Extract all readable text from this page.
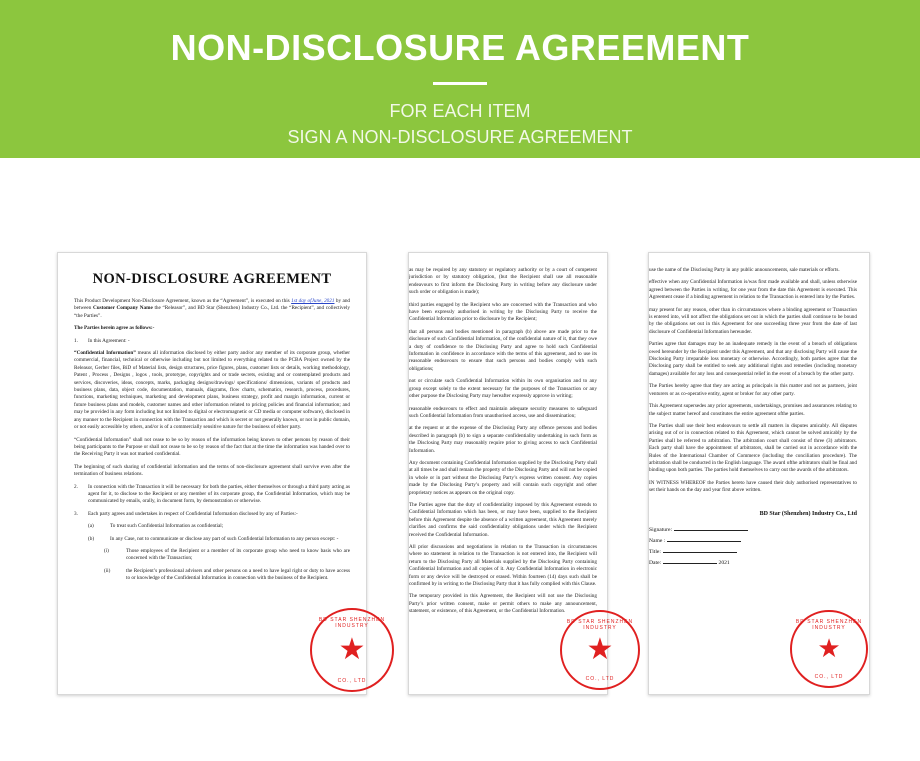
NON-DISCLOSURE AGREEMENT
FOR EACH ITEM
SIGN A NON-DISCLOSURE AGREEMENT
NON-DISCLOSURE AGREEMENT

This Product Development Non-Disclosure Agreement, known as the “Agreement”, is executed on this 1st day ofJune, 2021 by and between Customer Company Name the “Releasor”, and BD Star (Shenzhen) Industry Co., Ltd. the “Recipient”, and collectively “the Parties”.

The Parties herein agree as follows:-

1.	In this Agreement: -

“Confidential Information” means all information disclosed by either party and/or any member of its corporate group, whether commercial, financial, technical or otherwise including but not limited to everything related to the PCBA Project owned by the Releasor, Gerber files, BiD of Material lists, design structures, price figures, plans, customer lists or details, working methodology, Patent , Process , Designs , logos , tools, prototype, copyrights and or trade secrets, existing and or contemplated products and services, discoveries, ideas, concepts, marks, packaging designs/drawings/ specifications/ dimensions, variants of products and business plans, data, object code, documentation, manuals, diagrams, flow charts, schematics, research, process, procedures, functions, marketing techniques, marketing and development plans, business strategy, profit and margin information, current or future business plans and models, customer names and other information related to pricing policies and financial information; and may be provided in any form including but not limited to digital or electromagnetic or CD media or computer software), disclosed in any manner to the Recipient in connection with the Transaction and which is secret or not generally known, or not in public domain, or not easily accessible by others, and/or is of a commercially sensitive nature for the business of either party.

“Confidential Information” shall not cease to be so by reason of the information being known to other persons by reason of their being participants to the Purpose or shall not cease to be so by reason of the fact that at the time the information was handed over to the Receiving Party it was not marked confidential.

The beginning of such sharing of confidential information and the terms of non-disclosure agreement shall survive even after the termination of business relations.

2.	In connection with the Transaction it will be necessary for both the parties, either themselves or through a third party acting as agent for it, to disclose to the Recipient or any member of its corporate group, the Confidential Information, which may be communicated by emails, orally, in document form, by demonstration or otherwise.
3.	Each party agrees and undertakes in respect of Confidential Information disclosed by any of Parties:-
(a)	To treat such Confidential Information as confidential;
(b)	In any Case, not to communicate or disclose any part of such Confidential Information to any person except: -
(i)	Those employees of the Recipient or a member of its corporate group who need to know basis who are concerned with the Transaction;
(ii)	the Recipient’s professional advisers and other persons on a need to have legal right or duty to have access to or knowledge of the Confidential Information in connection with the business of the Recipient.

as may be required by any statutory or regulatory authority or by a court of competent jurisdiction or by statutory obligation, (but the Recipient shall use all reasonable endeavours to first inform the Disclosing Party in writing before any disclosure under such order or obligation is made);

third parties engaged by the Recipient who are concerned with the Transaction and who have been expressly authorised in writing by the Disclosing Party to receive the Confidential Information prior to disclosure by the Recipient;

that all persons and bodies mentioned in paragraph (b) above are made prior to the disclosure of such Confidential Information, of the confidential nature of it, that they owe a duty of confidence to the Disclosing Party and agree to hold such Confidential Information in confidence in accordance with the terms of this agreement, and to use its reasonable endeavours to ensure that such persons and bodies comply with such obligations;

not or circulate such Confidential Information within its own organisation and to any group except solely to the extent necessary for the purposes of the Transaction or any other purpose the Disclosing Party may hereafter expressly approve in writing;

reasonable endeavours to effect and maintain adequate security measures to safeguard such Confidential Information from unauthorised access, use and dissemination;

at the request or at the expense of the Disclosing Party any offence persons and bodies described in paragraph (b) to sign a separate confidentiality undertaking in such form as the Disclosing Party may reasonably require prior to giving access to such Confidential Information.

Any document containing Confidential Information supplied by the Disclosing Party shall at all times be and shall remain the property of the Disclosing Party and will not be copied in whole or in part without the Disclosing Party’s express written consent. Any copies made by the Disclosing Party’s property and will contain such copyright and other proprietary notices as appears on the original copy.

The Parties agree that the duty of confidentiality imposed by this Agreement extends to Confidential Information which has been, or may have been, supplied to the Recipient before this Agreement despite the absence of a written agreement, this Agreement merely clarifies and confirms the said confidentiality obligations under which the Recipient received the Confidential Information.

All prior discussions and negotiations in relation to the Transaction in circumstances where no statement in relation to the Transaction is not entered into, the Recipient will return to the Disclosing Party all Materials supplied by the Disclosing Party containing Confidential Information and all copies of it. Any Confidential Information in electronic form or any device will be destroyed or erased. Within fourteen (14) days such shall be confirmed by in writing to the Disclosing Party that it has fully complied with this Clause.

The temporary provided in this Agreement, the Recipient will not use the Disclosing Party’s prior written consent, make or permit others to make any announcement, statement, or existence, of this Agreement, or the Confidential Information.

use the name of the Disclosing Party in any public announcements, sale materials or efforts.

effective when any Confidential Information is/was first made available and shall, unless otherwise agreed between the Parties in writing, for one year from the date this Agreement is executed. This Agreement cease if a binding agreement in relation to the Transaction is entered into by the Parties.

may present for any reason, other than in circumstances where a binding agreement or Transaction is entered into, will not affect the obligations set out in which the parties shall continue to be bound by the obligations set out in this Agreement for one succeeding three year from the date of last disclosure of Confidential Information hereunder.

Parties agree that damages may be an inadequate remedy in the event of a breach of obligations owed hereunder by the Recipient under this Agreement, and that any disclosing Party will cause the Disclosing Party irreparable loss monetary or otherwise. Accordingly, both parties agree that the Disclosing party shall be entitled to seek any additional rights and remedies (including monetary damages) available for any loss and consequential relief in the event of a breach by the other party.

The Parties hereby agree that they are acting as principals in this matter and not as partners, joint venturers or as co-operative entity, agent or broker for any other party.

This Agreement supersedes any prior agreements, undertakings, promises and assurances relating to the subject matter hereof and constitutes the entire agreement ofthe parties.

The Parties shall use their best endeavours to settle all matters in disputes amicably. All disputes arising out of or in connection related to this Agreement, which cannot be solved amicably by the Parties shall be referred to arbitration. The arbitration court shall consist of three (3) arbitrators. Each party shall have the appointment of arbitrators, shall be carried out in accordance with the Rules of the International Chamber of Commerce (including the conciliation procedure). The arbitration shall be conducted in the English language. The award ofthe arbitrators shall be final and binding upon both parties. The parties hold themselves to carry out the awards of the arbitrators.

IN WITNESS WHEREOF the Parties hereto have caused their duly authorised representatives to set their hands on the day and year first above written.

BD Star (Shenzhen) Industry Co., Ltd
Signature:
Name :
Title:
Date:	2021
BD STAR SHENZHEN INDUSTRY
★
CO., LTD
BD STAR SHENZHEN INDUSTRY
★
CO., LTD
BD STAR SHENZHEN INDUSTRY
★
CO., LTD
